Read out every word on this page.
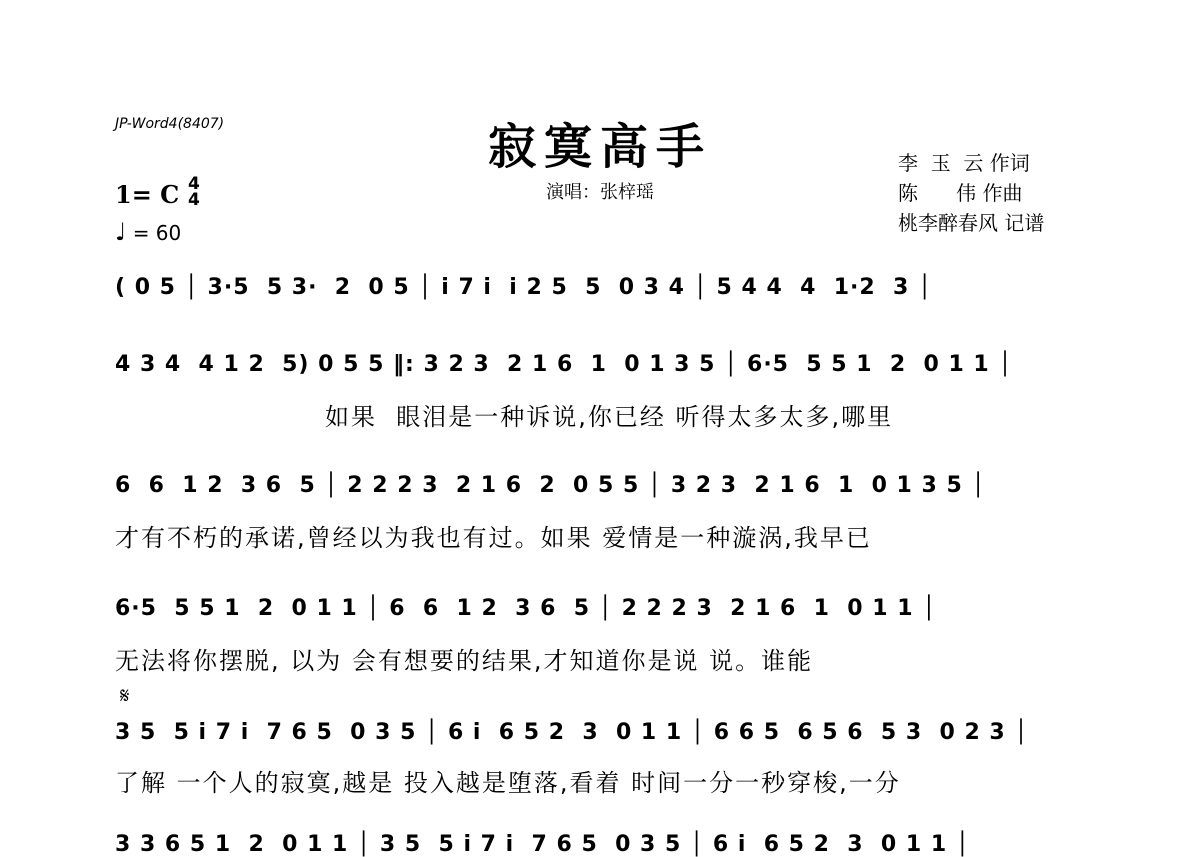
JP-Word4(8407)	寂寞高手
演唱：张梓瑶
李  玉  云 作词
陈      伟 作曲
桃李醉春风 记谱
1= C 4
4
♩ = 60
( 0 5 │ 3·5  5 3·  2  0 5 │ i 7 i  i 2 5  5  0 3 4 │ 5 4 4  4  1·2  3 │
4 3 4  4 1 2  5) 0 5 5 ‖: 3 2 3  2 1 6  1  0 1 3 5 │ 6·5  5 5 1  2  0 1 1 │
如果  眼泪是一种诉说,你已经 听得太多太多,哪里
6  6  1 2  3 6  5 │ 2 2 2 3  2 1 6  2  0 5 5 │ 3 2 3  2 1 6  1  0 1 3 5 │
才有不朽的承诺,曾经以为我也有过。如果 爱情是一种漩涡,我早已
6·5  5 5 1  2  0 1 1 │ 6  6  1 2  3 6  5 │ 2 2 2 3  2 1 6  1  0 1 1 │
无法将你摆脱, 以为 会有想要的结果,才知道你是说 说。谁能
𝄋
3 5  5 i 7 i  7 6 5  0 3 5 │ 6 i  6 5 2  3  0 1 1 │ 6 6 5  6 5 6  5 3  0 2 3 │
了解 一个人的寂寞,越是 投入越是堕落,看着 时间一分一秒穿梭,一分
3 3 6 5 1  2  0 1 1 │ 3 5  5 i 7 i  7 6 5  0 3 5 │ 6 i  6 5 2  3  0 1 1 │
